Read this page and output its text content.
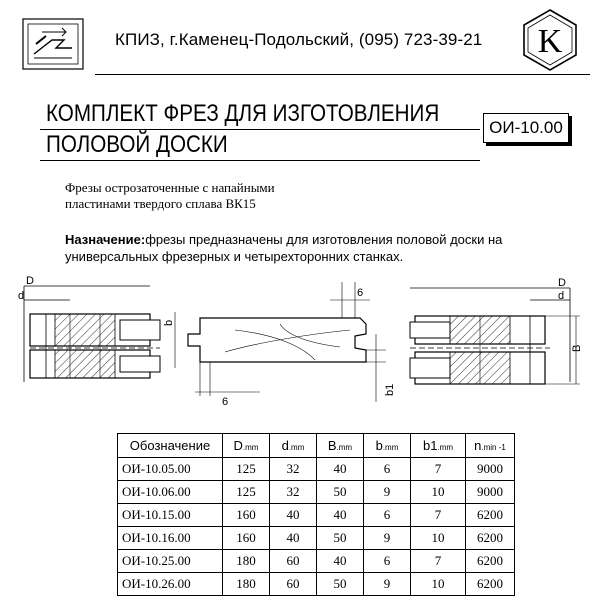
КПИЗ, г.Каменец-Подольский, (095) 723-39-21 K
КОМПЛЕКТ ФРЕЗ ДЛЯ ИЗГОТОВЛЕНИЯ
ПОЛОВОЙ ДОСКИ
ОИ-10.00
Фрезы острозаточенные с напайными
пластинами твердого сплава ВК15
Назначение:фрезы предназначены для изготовления половой доски на универсальных фрезерных и четырехторонних станках.
D
d
b
6
6
b1
D
d
B
Обозначение	D.mm	d.mm	B.mm	b.mm	b1.mm	n.min -1
ОИ-10.05.00	125	32	40	6	7	9000
ОИ-10.06.00	125	32	50	9	10	9000
ОИ-10.15.00	160	40	40	6	7	6200
ОИ-10.16.00	160	40	50	9	10	6200
ОИ-10.25.00	180	60	40	6	7	6200
ОИ-10.26.00	180	60	50	9	10	6200
